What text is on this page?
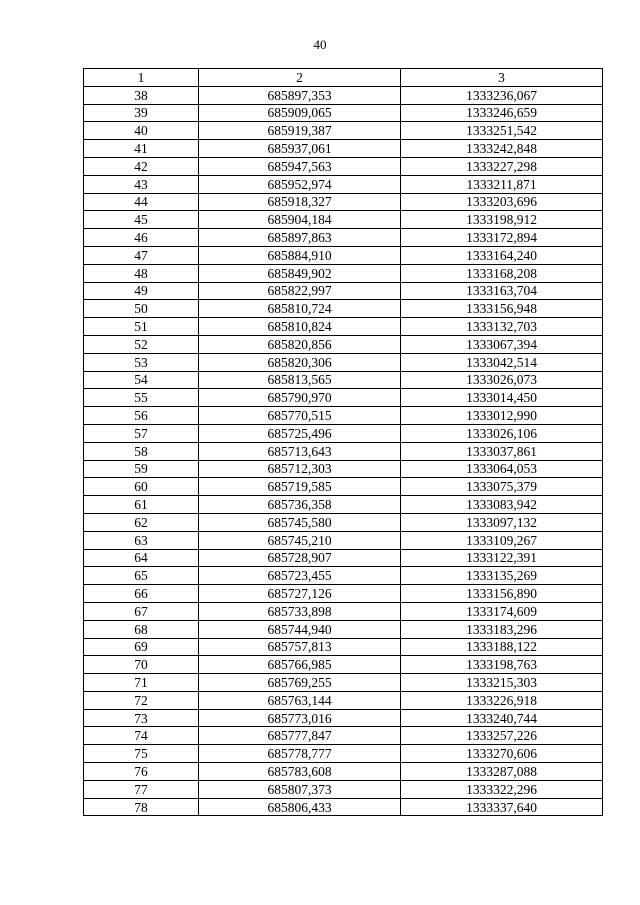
40
1	2	3
38	685897,353	1333236,067
39	685909,065	1333246,659
40	685919,387	1333251,542
41	685937,061	1333242,848
42	685947,563	1333227,298
43	685952,974	1333211,871
44	685918,327	1333203,696
45	685904,184	1333198,912
46	685897,863	1333172,894
47	685884,910	1333164,240
48	685849,902	1333168,208
49	685822,997	1333163,704
50	685810,724	1333156,948
51	685810,824	1333132,703
52	685820,856	1333067,394
53	685820,306	1333042,514
54	685813,565	1333026,073
55	685790,970	1333014,450
56	685770,515	1333012,990
57	685725,496	1333026,106
58	685713,643	1333037,861
59	685712,303	1333064,053
60	685719,585	1333075,379
61	685736,358	1333083,942
62	685745,580	1333097,132
63	685745,210	1333109,267
64	685728,907	1333122,391
65	685723,455	1333135,269
66	685727,126	1333156,890
67	685733,898	1333174,609
68	685744,940	1333183,296
69	685757,813	1333188,122
70	685766,985	1333198,763
71	685769,255	1333215,303
72	685763,144	1333226,918
73	685773,016	1333240,744
74	685777,847	1333257,226
75	685778,777	1333270,606
76	685783,608	1333287,088
77	685807,373	1333322,296
78	685806,433	1333337,640
